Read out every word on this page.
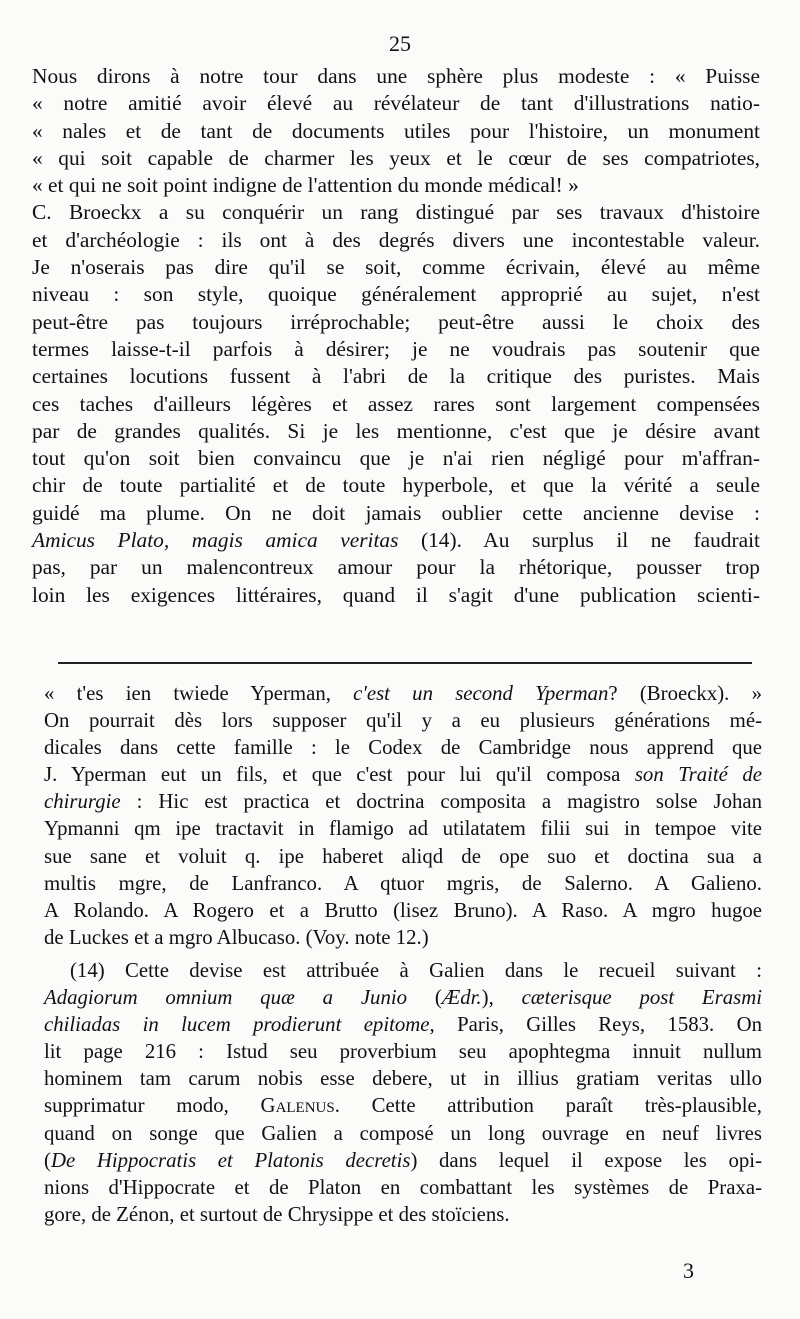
25
Nous dirons à notre tour dans une sphère plus modeste : « Puisse
« notre amitié avoir élevé au révélateur de tant d'illustrations natio-
« nales et de tant de documents utiles pour l'histoire, un monument
« qui soit capable de charmer les yeux et le cœur de ses compatriotes,
« et qui ne soit point indigne de l'attention du monde médical! »
C. Broeckx a su conquérir un rang distingué par ses travaux d'histoire
et d'archéologie : ils ont à des degrés divers une incontestable valeur.
Je n'oserais pas dire qu'il se soit, comme écrivain, élevé au même
niveau : son style, quoique généralement approprié au sujet, n'est
peut-être pas toujours irréprochable; peut-être aussi le choix des
termes laisse-t-il parfois à désirer; je ne voudrais pas soutenir que
certaines locutions fussent à l'abri de la critique des puristes. Mais
ces taches d'ailleurs légères et assez rares sont largement compensées
par de grandes qualités. Si je les mentionne, c'est que je désire avant
tout qu'on soit bien convaincu que je n'ai rien négligé pour m'affran-
chir de toute partialité et de toute hyperbole, et que la vérité a seule
guidé ma plume. On ne doit jamais oublier cette ancienne devise :
Amicus Plato, magis amica veritas (14). Au surplus il ne faudrait
pas, par un malencontreux amour pour la rhétorique, pousser trop
loin les exigences littéraires, quand il s'agit d'une publication scienti-
« t'es ien twiede Yperman, c'est un second Yperman? (Broeckx). »
On pourrait dès lors supposer qu'il y a eu plusieurs générations mé-
dicales dans cette famille : le Codex de Cambridge nous apprend que
J. Yperman eut un fils, et que c'est pour lui qu'il composa son Traité de
chirurgie : Hic est practica et doctrina composita a magistro solse Johan
Ypmanni qm ipe tractavit in flamigo ad utilatatem filii sui in tempoe vite
sue sane et voluit q. ipe haberet aliqd de ope suo et doctina sua a
multis mgre, de Lanfranco. A qtuor mgris, de Salerno. A Galieno.
A Rolando. A Rogero et a Brutto (lisez Bruno). A Raso. A mgro hugoe
de Luckes et a mgro Albucaso. (Voy. note 12.)
(14) Cette devise est attribuée à Galien dans le recueil suivant :
Adagiorum omnium quæ a Junio (Ædr.), cæterisque post Erasmi
chiliadas in lucem prodierunt epitome, Paris, Gilles Reys, 1583. On
lit page 216 : Istud seu proverbium seu apophtegma innuit nullum
hominem tam carum nobis esse debere, ut in illius gratiam veritas ullo
supprimatur modo, Galenus. Cette attribution paraît très-plausible,
quand on songe que Galien a composé un long ouvrage en neuf livres
(De Hippocratis et Platonis decretis) dans lequel il expose les opi-
nions d'Hippocrate et de Platon en combattant les systèmes de Praxa-
gore, de Zénon, et surtout de Chrysippe et des stoïciens.
3
